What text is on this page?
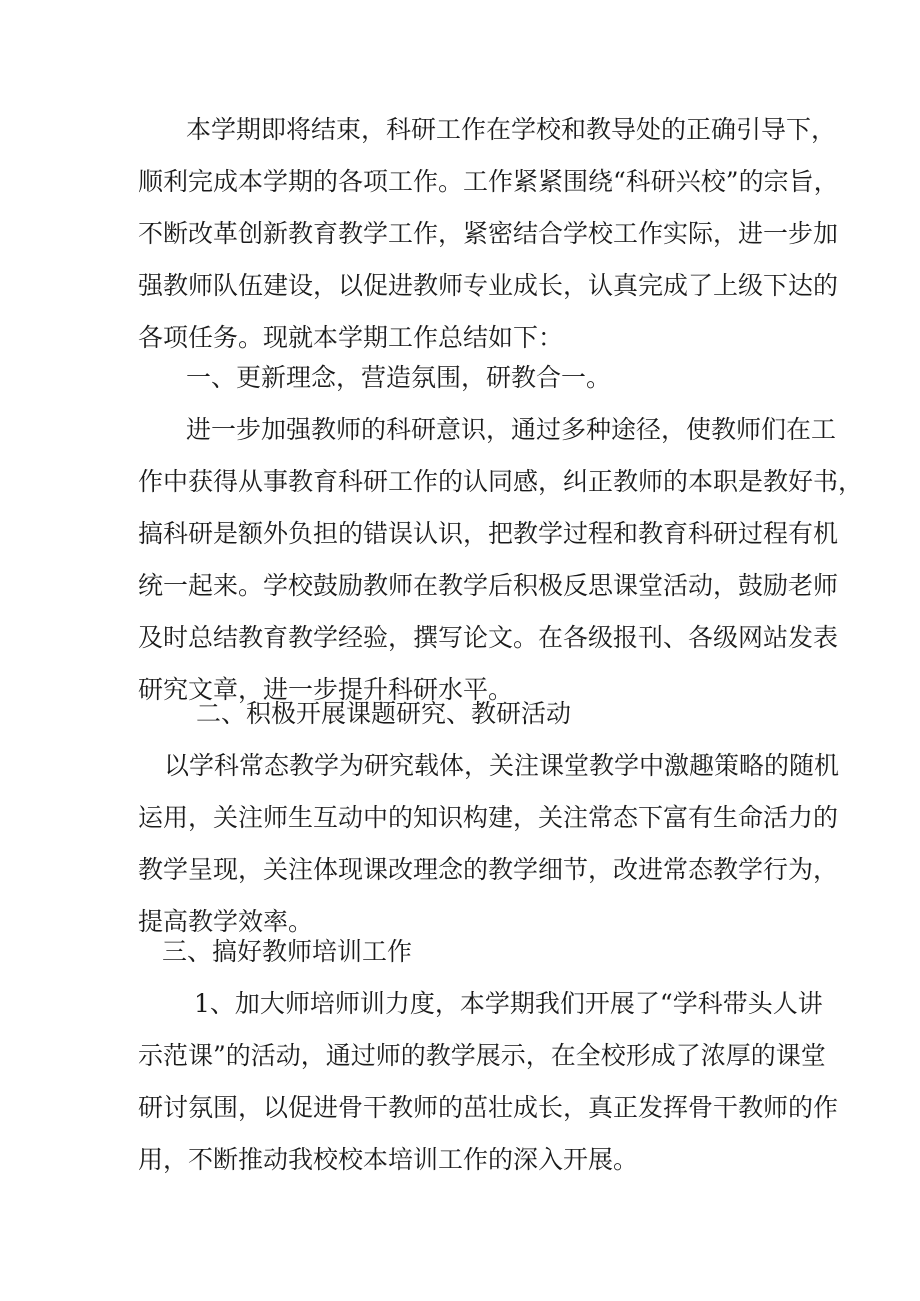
本学期即将结束，科研工作在学校和教导处的正确引导下，
顺利完成本学期的各项工作。工作紧紧围绕“科研兴校”的宗旨，
不断改革创新教育教学工作，紧密结合学校工作实际，进一步加
强教师队伍建设，以促进教师专业成长，认真完成了上级下达的
各项任务。现就本学期工作总结如下：
一、更新理念，营造氛围，研教合一。
进一步加强教师的科研意识，通过多种途径，使教师们在工
作中获得从事教育科研工作的认同感，纠正教师的本职是教好书，
搞科研是额外负担的错误认识，把教学过程和教育科研过程有机
统一起来。学校鼓励教师在教学后积极反思课堂活动，鼓励老师
及时总结教育教学经验，撰写论文。在各级报刊、各级网站发表
研究文章，进一步提升科研水平。
二、积极开展课题研究、教研活动
以学科常态教学为研究载体，关注课堂教学中激趣策略的随机
运用，关注师生互动中的知识构建，关注常态下富有生命活力的
教学呈现，关注体现课改理念的教学细节，改进常态教学行为，
提高教学效率。
三、搞好教师培训工作
1、加大师培师训力度，本学期我们开展了“学科带头人讲
示范课”的活动，通过师的教学展示，在全校形成了浓厚的课堂
研讨氛围，以促进骨干教师的茁壮成长，真正发挥骨干教师的作
用，不断推动我校校本培训工作的深入开展。
